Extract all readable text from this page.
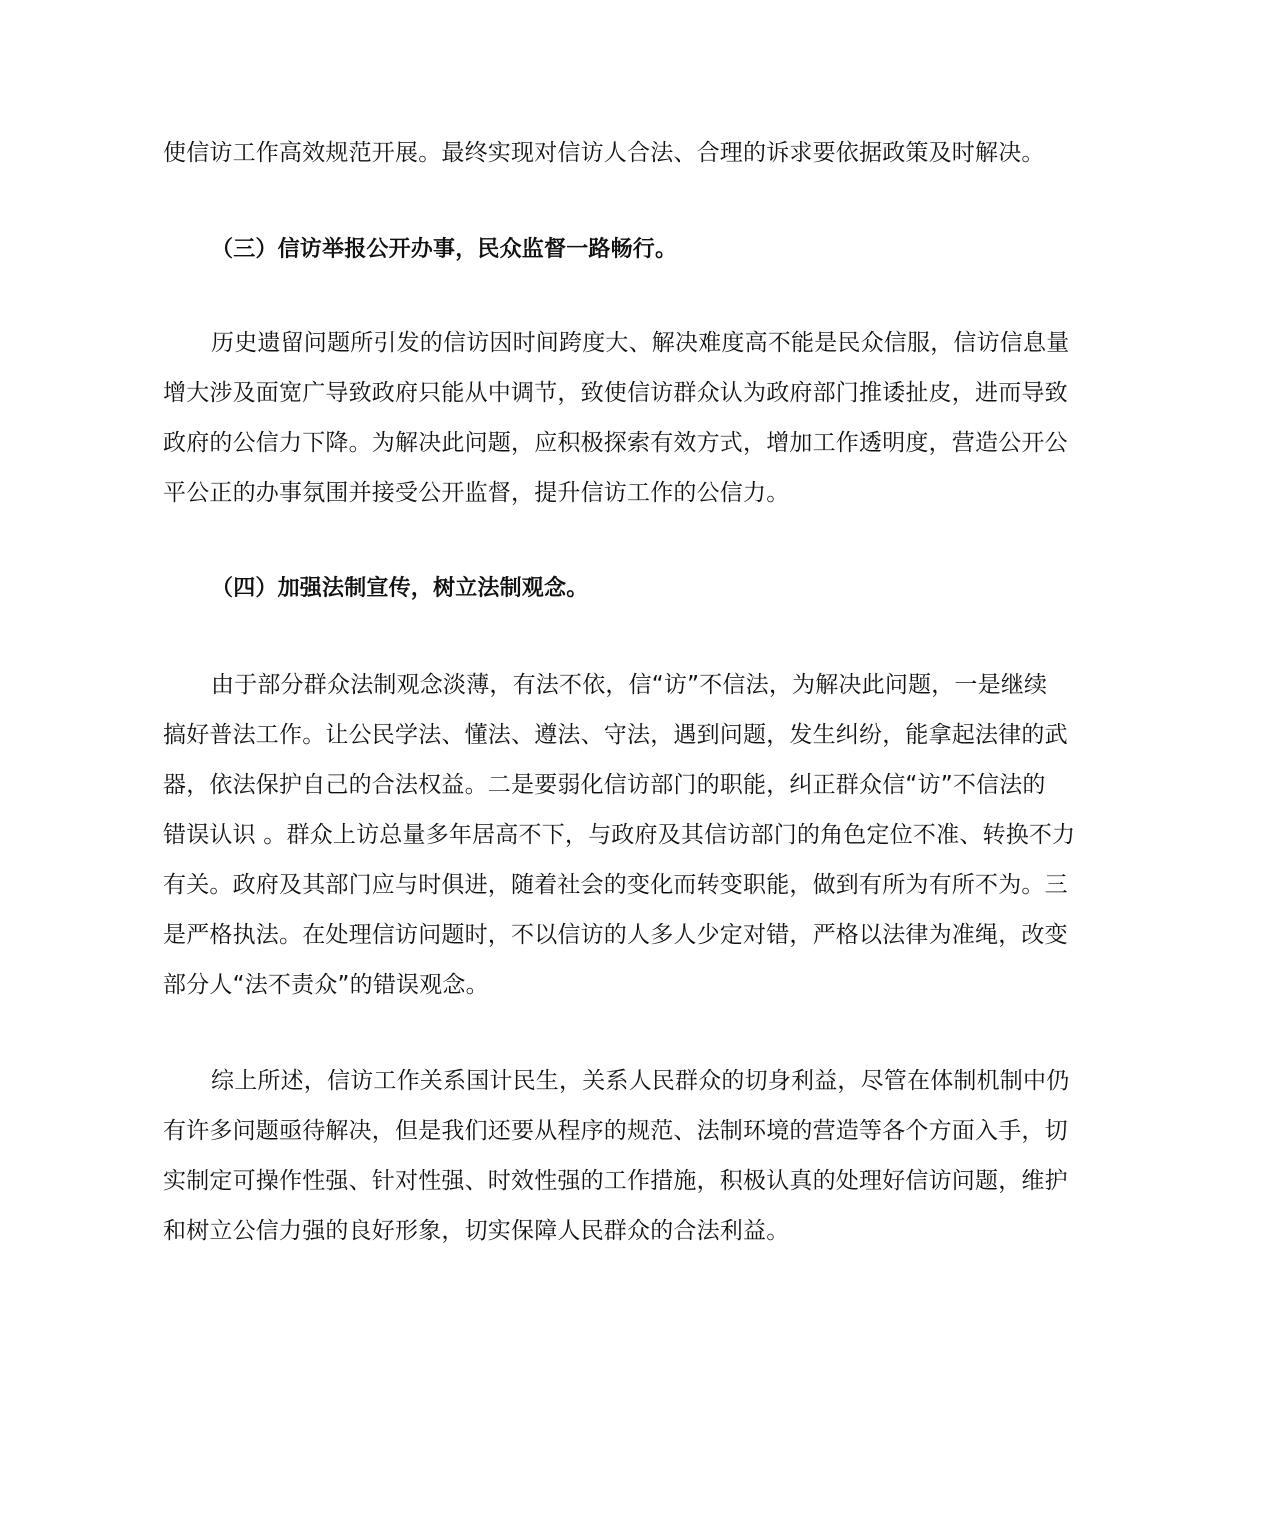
使信访工作高效规范开展。最终实现对信访人合法、合理的诉求要依据政策及时解决。
（三）信访举报公开办事，民众监督一路畅行。
历史遗留问题所引发的信访因时间跨度大、解决难度高不能是民众信服，信访信息量
增大涉及面宽广导致政府只能从中调节，致使信访群众认为政府部门推诿扯皮，进而导致
政府的公信力下降。为解决此问题，应积极探索有效方式，增加工作透明度，营造公开公
平公正的办事氛围并接受公开监督，提升信访工作的公信力。
（四）加强法制宣传，树立法制观念。
由于部分群众法制观念淡薄，有法不依，信“访”不信法，为解决此问题，一是继续
搞好普法工作。让公民学法、懂法、遵法、守法，遇到问题，发生纠纷，能拿起法律的武
器，依法保护自己的合法权益。二是要弱化信访部门的职能，纠正群众信“访”不信法的
错误认识 。群众上访总量多年居高不下，与政府及其信访部门的角色定位不准、转换不力
有关。政府及其部门应与时俱进，随着社会的变化而转变职能，做到有所为有所不为。三
是严格执法。在处理信访问题时，不以信访的人多人少定对错，严格以法律为准绳，改变
部分人“法不责众”的错误观念。
综上所述，信访工作关系国计民生，关系人民群众的切身利益，尽管在体制机制中仍
有许多问题亟待解决，但是我们还要从程序的规范、法制环境的营造等各个方面入手，切
实制定可操作性强、针对性强、时效性强的工作措施，积极认真的处理好信访问题，维护
和树立公信力强的良好形象，切实保障人民群众的合法利益。
